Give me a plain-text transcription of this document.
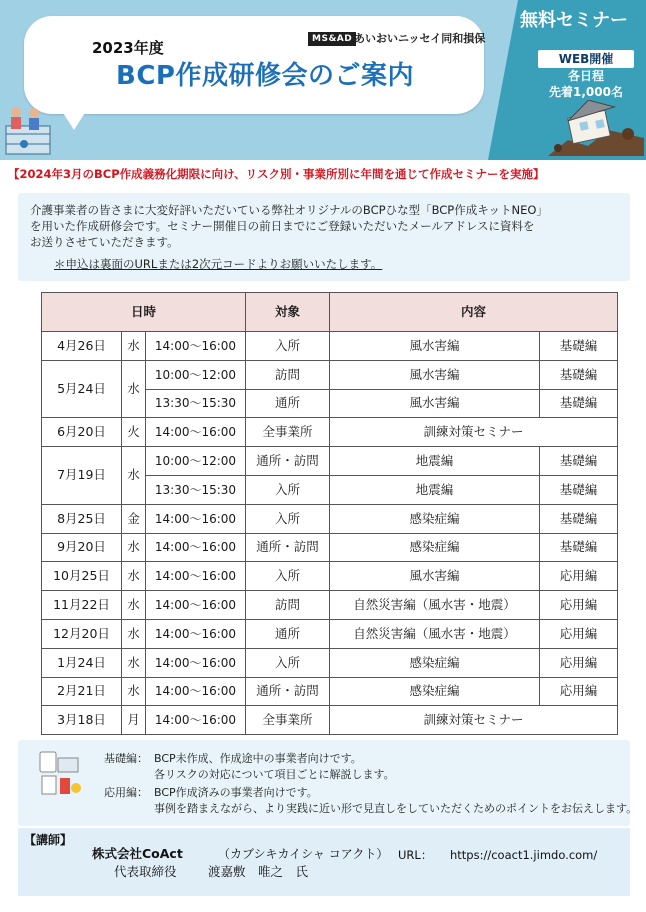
MS&AD あいおいニッセイ同和損保
2023年度
BCP作成研修会のご案内
無料セミナー
WEB開催
各日程
先着1,000名
【2024年3月のBCP作成義務化期限に向け、リスク別・事業所別に年間を通じて作成セミナーを実施】
介護事業者の皆さまに大変好評いただいている弊社オリジナルのBCPひな型「BCP作成キットNEO」
を用いた作成研修会です。セミナー開催日の前日までにご登録いただいたメールアドレスに資料を
お送りさせていただきます。
＊申込は裏面のURLまたは2次元コードよりお願いいたします。
日時			対象	内容	
4月26日	水	14:00～16:00	入所	風水害編	基礎編
5月24日	水	10:00～12:00	訪問	風水害編	基礎編
		13:30～15:30	通所	風水害編	基礎編
6月20日	火	14:00～16:00	全事業所	訓練対策セミナー	
7月19日	水	10:00～12:00	通所・訪問	地震編	基礎編
		13:30～15:30	入所	地震編	基礎編
8月25日	金	14:00～16:00	入所	感染症編	基礎編
9月20日	水	14:00～16:00	通所・訪問	感染症編	基礎編
10月25日	水	14:00～16:00	入所	風水害編	応用編
11月22日	水	14:00～16:00	訪問	自然災害編（風水害・地震）	応用編
12月20日	水	14:00～16:00	通所	自然災害編（風水害・地震）	応用編
1月24日	水	14:00～16:00	入所	感染症編	応用編
2月21日	水	14:00～16:00	通所・訪問	感染症編	応用編
3月18日	月	14:00～16:00	全事業所	訓練対策セミナー	
基礎編： BCP未作成、作成途中の事業者向けです。
各リスクの対応について項目ごとに解説します。
応用編： BCP作成済みの事業者向けです。
事例を踏まえながら、より実践に近い形で見直しをしていただくためのポイントをお伝えします。
【講師】
株式会社CoAct	（カブシキカイシャ コアクト） URL： https://coact1.jimdo.com/
代表取締役	渡嘉敷　唯之　氏
